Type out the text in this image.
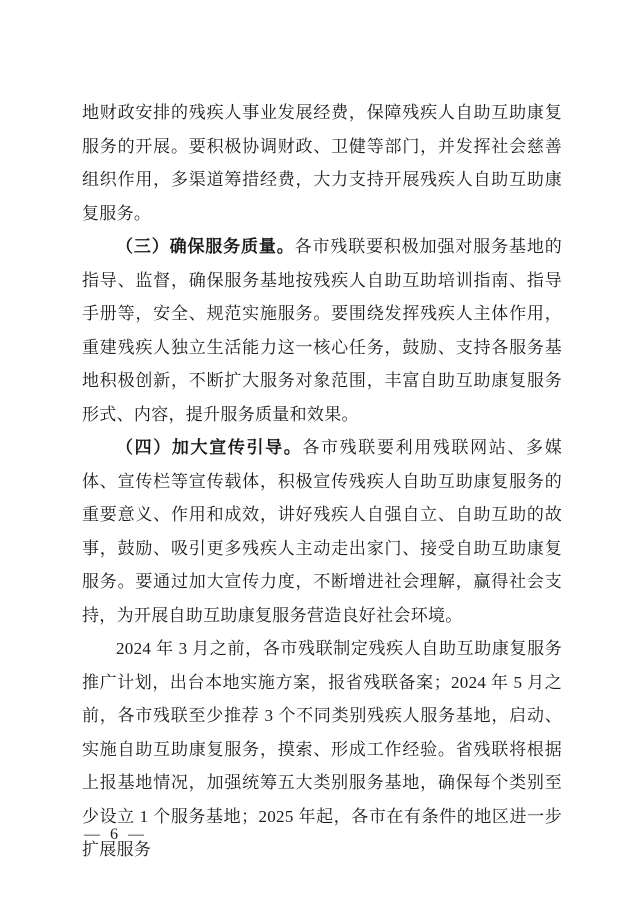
地财政安排的残疾人事业发展经费，保障残疾人自助互助康复服务的开展。要积极协调财政、卫健等部门，并发挥社会慈善组织作用，多渠道筹措经费，大力支持开展残疾人自助互助康复服务。

（三）确保服务质量。各市残联要积极加强对服务基地的指导、监督，确保服务基地按残疾人自助互助培训指南、指导手册等，安全、规范实施服务。要围绕发挥残疾人主体作用，重建残疾人独立生活能力这一核心任务，鼓励、支持各服务基地积极创新，不断扩大服务对象范围，丰富自助互助康复服务形式、内容，提升服务质量和效果。

（四）加大宣传引导。各市残联要利用残联网站、多媒体、宣传栏等宣传载体，积极宣传残疾人自助互助康复服务的重要意义、作用和成效，讲好残疾人自强自立、自助互助的故事，鼓励、吸引更多残疾人主动走出家门、接受自助互助康复服务。要通过加大宣传力度，不断增进社会理解，赢得社会支持，为开展自助互助康复服务营造良好社会环境。

2024 年 3 月之前，各市残联制定残疾人自助互助康复服务推广计划，出台本地实施方案，报省残联备案；2024 年 5 月之前，各市残联至少推荐 3 个不同类别残疾人服务基地，启动、实施自助互助康复服务，摸索、形成工作经验。省残联将根据上报基地情况，加强统筹五大类别服务基地，确保每个类别至少设立 1 个服务基地；2025 年起，各市在有条件的地区进一步扩展服务

— 6 —
